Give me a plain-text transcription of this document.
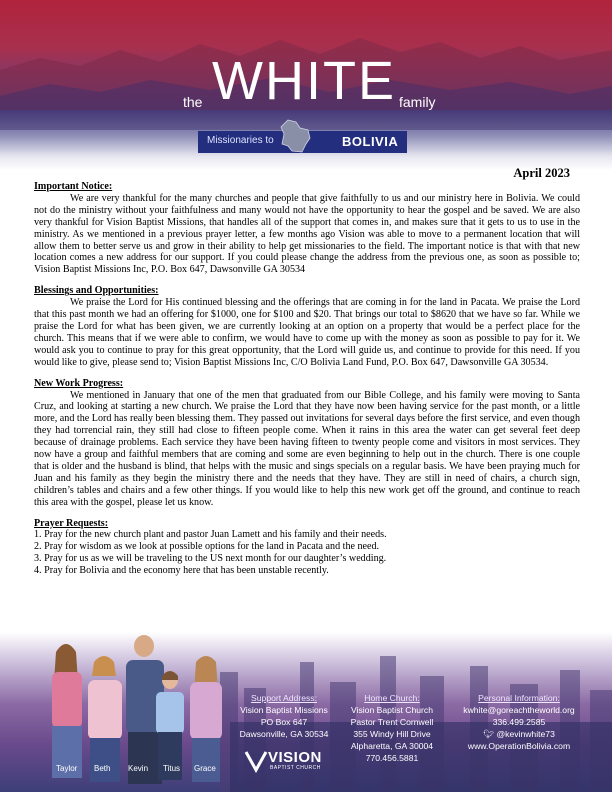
the WHITE family
Missionaries to	BOLIVIA
April 2023
Important Notice:

We are very thankful for the many churches and people that give faithfully to us and our ministry here in Bolivia. We could not do the ministry without your faithfulness and many would not have the opportunity to hear the gospel and be saved. We are also very thankful for Vision Baptist Missions, that handles all of the support that comes in, and makes sure that it gets to us to use in the ministry. As we mentioned in a previous prayer letter, a few months ago Vision was able to move to a permanent location that will allow them to better serve us and grow in their ability to help get missionaries to the field. The important notice is that with that new location comes a new address for our support. If you could please change the address from the previous one, as soon as possible to; Vision Baptist Missions Inc, P.O. Box 647, Dawsonville GA 30534

Blessings and Opportunities:

We praise the Lord for His continued blessing and the offerings that are coming in for the land in Pacata. We praise the Lord that this past month we had an offering for $1000, one for $100 and $20. That brings our total to $8620 that we have so far. While we praise the Lord for what has been given, we are currently looking at an option on a property that would be a perfect place for the church. This means that if we were able to confirm, we would have to come up with the money as soon as possible to pay for it. We would ask you to continue to pray for this great opportunity, that the Lord will guide us, and continue to provide for this need. If you would like to give, please send to; Vision Baptist Missions Inc, C/O Bolivia Land Fund, P.O. Box 647, Dawsonville GA 30534.

New Work Progress:

We mentioned in January that one of the men that graduated from our Bible College, and his family were moving to Santa Cruz, and looking at starting a new church. We praise the Lord that they have now been having service for the past month, or a little more, and the Lord has really been blessing them. They passed out invitations for several days before the first service, and even though they had torrencial rain, they still had close to fifteen people come. When it rains in this area the water can get several feet deep because of drainage problems. Each service they have been having fifteen to twenty people come and visitors in most services. They now have a group and faithful members that are coming and some are even beginning to help out in the church. There is one couple that is older and the husband is blind, that helps with the music and sings specials on a regular basis. We have been praying much for Juan and his family as they begin the ministry there and the needs that they have. They are still in need of chairs, a church sign, children’s tables and chairs and a few other things. If you would like to help this new work get off the ground, and continue to reach this area with the gospel, please let us know.

Prayer Requests:
1. Pray for the new church plant and pastor Juan Lamett and his family and their needs.
2. Pray for wisdom as we look at possible options for the land in Pacata and the need.
3. Pray for us as we will be traveling to the US next month for our daughter’s wedding.
4. Pray for Bolivia and the economy here that has been unstable recently.
Taylor Beth Kevin Titus Grace
Support Address:
Vision Baptist Missions
PO Box 647
Dawsonville, GA 30534
Home Church:
Vision Baptist Church
Pastor Trent Cornwell
355 Windy Hill Drive
Alpharetta, GA 30004
770.456.5881
Personal Information:
kwhite@goreachtheworld.org
336.499.2585
🐦︎ @kevinwhite73
www.OperationBolivia.com
VISION
BAPTIST CHURCH
